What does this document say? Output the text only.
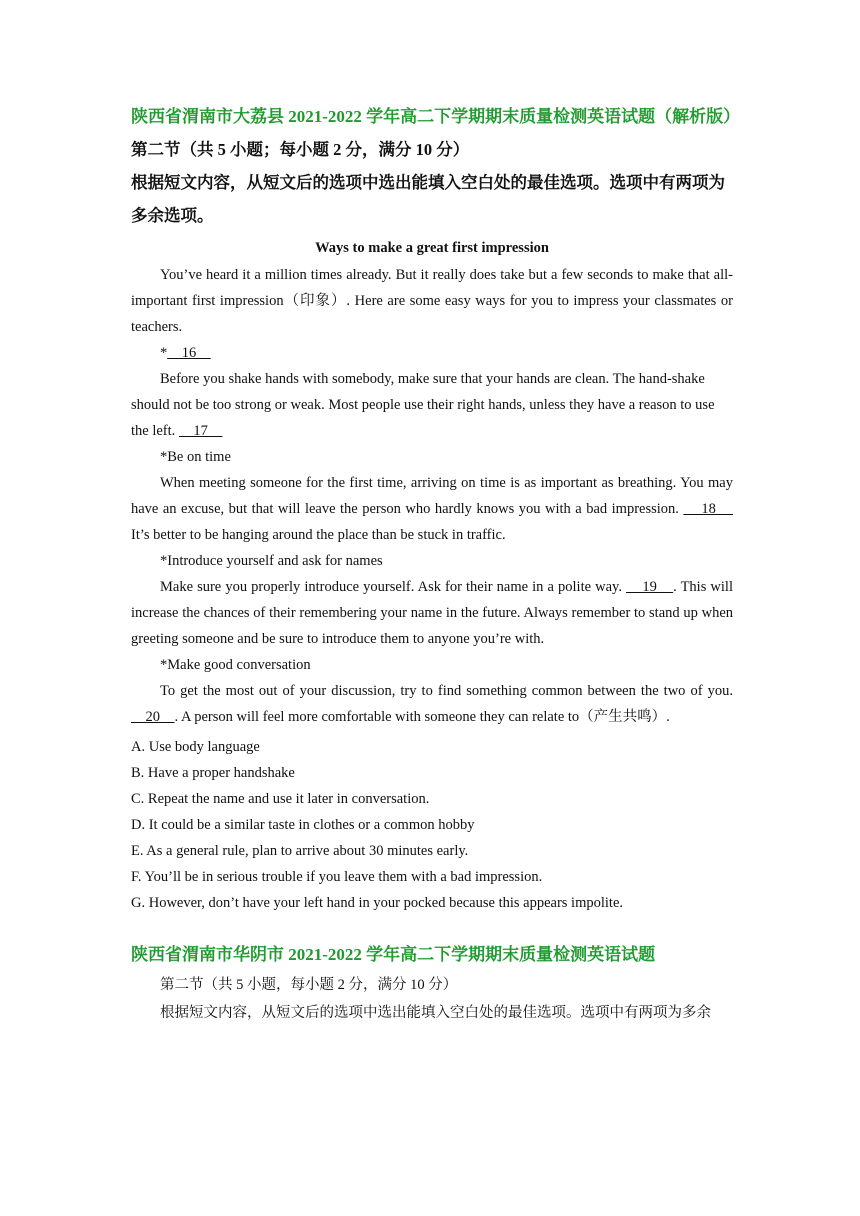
陕西省渭南市大荔县 2021-2022 学年高二下学期期末质量检测英语试题（解析版）

第二节（共 5 小题；每小题 2 分，满分 10 分）

根据短文内容，从短文后的选项中选出能填入空白处的最佳选项。选项中有两项为多余选项。

Ways to make a great first impression

You’ve heard it a million times already. But it really does take but a few seconds to make that all-important first impression（印象）. Here are some easy ways for you to impress your classmates or teachers.

*    16

Before you shake hands with somebody, make sure that your hands are clean. The hand-shake should not be too strong or weak. Most people use their right hands, unless they have a reason to use the left.     17

*Be on time

When meeting someone for the first time, arriving on time is as important as breathing. You may have an excuse, but that will leave the person who hardly knows you with a bad impression.     18     It’s better to be hanging around the place than be stuck in traffic.

*Introduce yourself and ask for names

Make sure you properly introduce yourself. Ask for their name in a polite way.     19    . This will increase the chances of their remembering your name in the future. Always remember to stand up when greeting someone and be sure to introduce them to anyone you’re with.

*Make good conversation

To get the most out of your discussion, try to find something common between the two of you.     20    . A person will feel more comfortable with someone they can relate to（产生共鸣）.

A. Use body language

B. Have a proper handshake

C. Repeat the name and use it later in conversation.

D. It could be a similar taste in clothes or a common hobby

E. As a general rule, plan to arrive about 30 minutes early.

F. You’ll be in serious trouble if you leave them with a bad impression.

G. However, don’t have your left hand in your pocked because this appears impolite.

陕西省渭南市华阴市 2021-2022 学年高二下学期期末质量检测英语试题

第二节（共 5 小题，每小题 2 分，满分 10 分）

根据短文内容，从短文后的选项中选出能填入空白处的最佳选项。选项中有两项为多余
